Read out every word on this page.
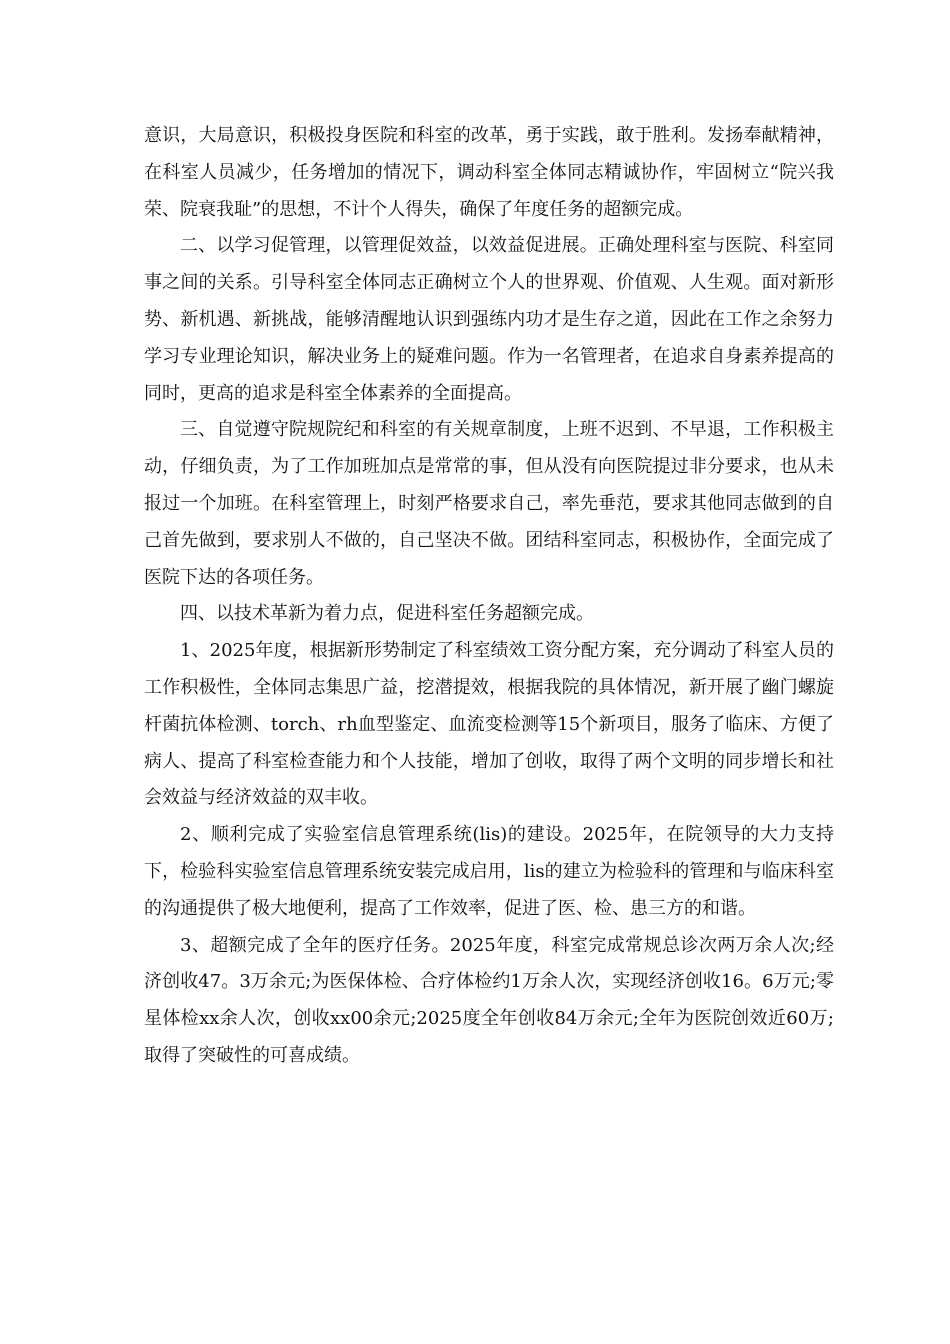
意识，大局意识，积极投身医院和科室的改革，勇于实践，敢于胜利。发扬奉献精神，在科室人员减少，任务增加的情况下，调动科室全体同志精诚协作，牢固树立“院兴我荣、院衰我耻”的思想，不计个人得失，确保了年度任务的超额完成。

二、以学习促管理，以管理促效益，以效益促进展。正确处理科室与医院、科室同事之间的关系。引导科室全体同志正确树立个人的世界观、价值观、人生观。面对新形势、新机遇、新挑战，能够清醒地认识到强练内功才是生存之道，因此在工作之余努力学习专业理论知识，解决业务上的疑难问题。作为一名管理者，在追求自身素养提高的同时，更高的追求是科室全体素养的全面提高。

三、自觉遵守院规院纪和科室的有关规章制度，上班不迟到、不早退，工作积极主动，仔细负责，为了工作加班加点是常常的事，但从没有向医院提过非分要求，也从未报过一个加班。在科室管理上，时刻严格要求自己，率先垂范，要求其他同志做到的自己首先做到，要求别人不做的，自己坚决不做。团结科室同志，积极协作，全面完成了医院下达的各项任务。

四、以技术革新为着力点，促进科室任务超额完成。

1、2025年度，根据新形势制定了科室绩效工资分配方案，充分调动了科室人员的工作积极性，全体同志集思广益，挖潜提效，根据我院的具体情况，新开展了幽门螺旋杆菌抗体检测、torch、rh血型鉴定、血流变检测等15个新项目，服务了临床、方便了病人、提高了科室检查能力和个人技能，增加了创收，取得了两个文明的同步增长和社会效益与经济效益的双丰收。

2、顺利完成了实验室信息管理系统(lis)的建设。2025年，在院领导的大力支持下，检验科实验室信息管理系统安装完成启用，lis的建立为检验科的管理和与临床科室的沟通提供了极大地便利，提高了工作效率，促进了医、检、患三方的和谐。

3、超额完成了全年的医疗任务。2025年度，科室完成常规总诊次两万余人次;经济创收47。3万余元;为医保体检、合疗体检约1万余人次，实现经济创收16。6万元;零星体检xx余人次，创收xx00余元;2025度全年创收84万余元;全年为医院创效近60万;取得了突破性的可喜成绩。
